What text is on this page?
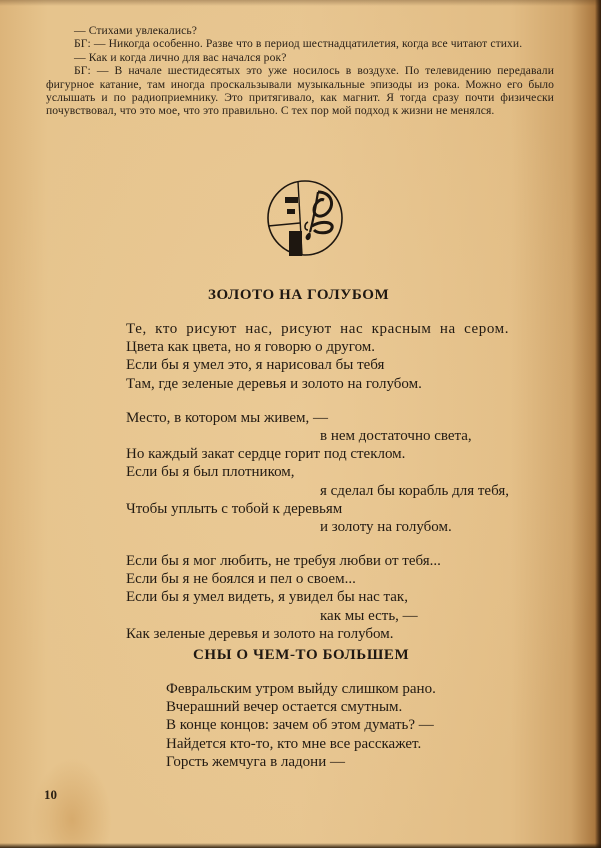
— Стихами увлекались?

БГ: — Никогда особенно. Разве что в период шестнадцатилетия, когда все читают стихи.

— Как и когда лично для вас начался рок?

БГ: — В начале шестидесятых это уже носилось в воздухе. По телевидению передавали фигурное катание, там иногда проскальзывали музыкальные эпизоды из рока. Можно его было услышать и по радиоприемнику. Это притягивало, как магнит. Я тогда сразу почти физически почувствовал, что это мое, что это правильно. С тех пор мой подход к жизни не менялся.

ЗОЛОТО НА ГОЛУБОМ
Те, кто рисуют нас, рисуют нас красным на сером.
Цвета как цвета, но я говорю о другом.
Если бы я умел это, я нарисовал бы тебя
Там, где зеленые деревья и золото на голубом.
Место, в котором мы живем, —
в нем достаточно света,
Но каждый закат сердце горит под стеклом.
Если бы я был плотником,
я сделал бы корабль для тебя,
Чтобы уплыть с тобой к деревьям
и золоту на голубом.
Если бы я мог любить, не требуя любви от тебя...
Если бы я не боялся и пел о своем...
Если бы я умел видеть, я увидел бы нас так,
как мы есть, —
Как зеленые деревья и золото на голубом.
СНЫ О ЧЕМ-ТО БОЛЬШЕМ
Февральским утром выйду слишком рано.
Вчерашний вечер остается смутным.
В конце концов: зачем об этом думать? —
Найдется кто-то, кто мне все расскажет.
Горсть жемчуга в ладони —
10
